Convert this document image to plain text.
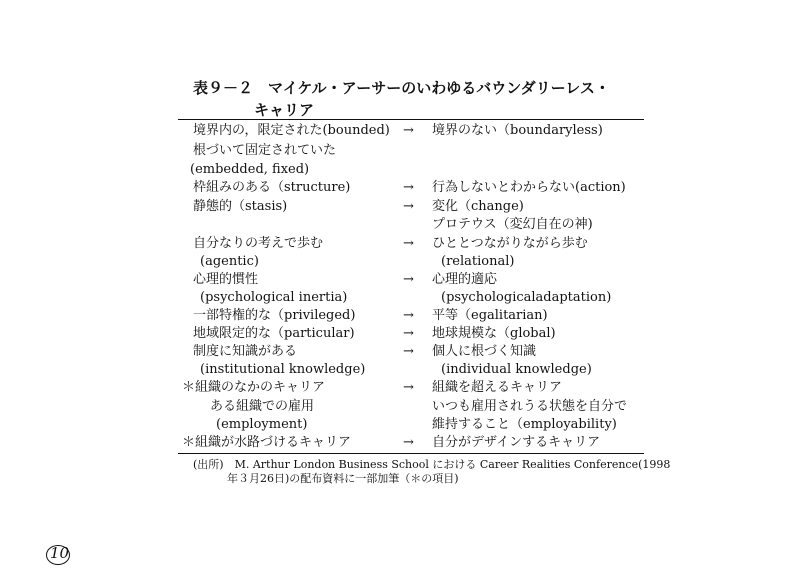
表９－２　マイケル・アーサーのいわゆるバウンダリーレス・
キャリア
境界内の，限定された(bounded) → 境界のない（boundaryless)
根づいて固定されていた
(embedded, fixed)
枠組みのある（structure)	→ 行為しないとわからない(action)
静態的（stasis)	→ 変化（change)
プロテウス（変幻自在の神)
自分なりの考えで歩む	→ ひととつながりながら歩む
(agentic)	(relational)
心理的慣性	→ 心理的適応
(psychological inertia)	(psychologicaladaptation)
一部特権的な（privileged)	→ 平等（egalitarian)
地域限定的な（particular)	→ 地球規模な（global)
制度に知識がある	→ 個人に根づく知識
(institutional knowledge)	(individual knowledge)
＊組織のなかのキャリア	→ 組織を超えるキャリア
ある組織での雇用	いつも雇用されうる状態を自分で
(employment)	維持すること（employability)
＊組織が水路づけるキャリア	→ 自分がデザインするキャリア
(出所)　M. Arthur London Business School における Career Realities Conference(1998
年３月26日)の配布資料に一部加筆（＊の項目)
10
